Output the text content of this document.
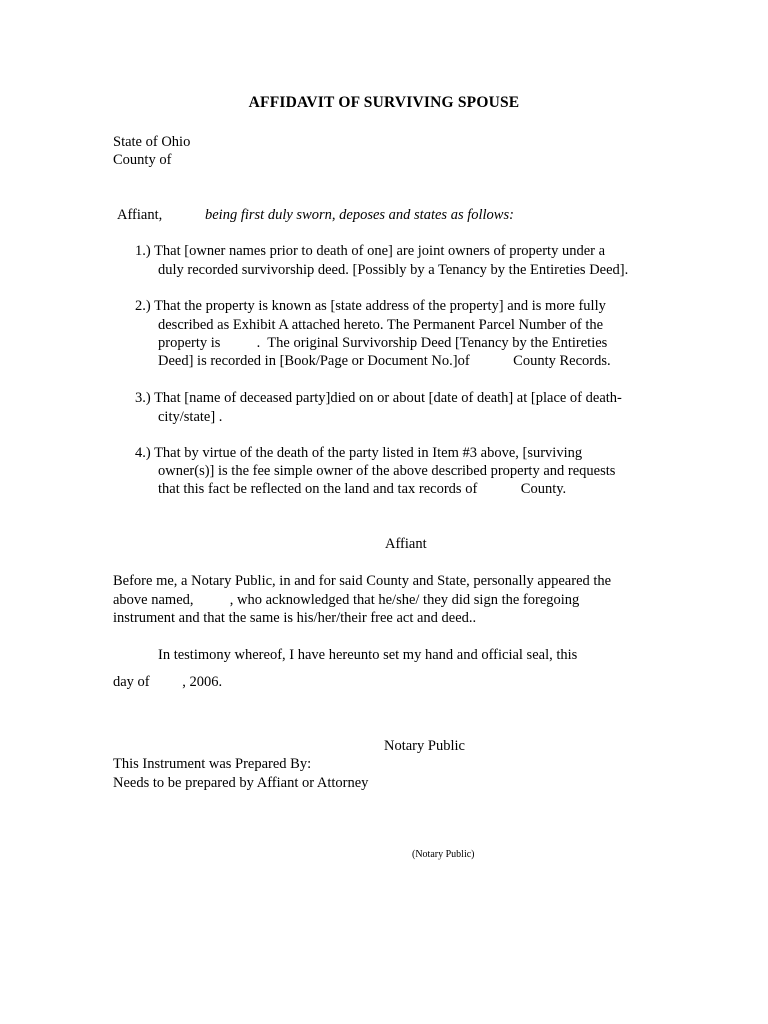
AFFIDAVIT OF SURVIVING SPOUSE
State of Ohio
County of
Affiant,	being first duly sworn, deposes and states as follows:
1.) That [owner names prior to death of one] are joint owners of property under a
duly recorded survivorship deed. [Possibly by a Tenancy by the Entireties Deed].
2.) That the property is known as [state address of the property] and is more fully
described as Exhibit A attached hereto. The Permanent Parcel Number of the
property is          .  The original Survivorship Deed [Tenancy by the Entireties
Deed] is recorded in [Book/Page or Document No.]of            County Records.
3.) That [name of deceased party]died on or about [date of death] at [place of death-
city/state] .
4.) That by virtue of the death of the party listed in Item #3 above, [surviving
owner(s)] is the fee simple owner of the above described property and requests
that this fact be reflected on the land and tax records of            County.
Affiant
Before me, a Notary Public, in and for said County and State, personally appeared the
above named,          , who acknowledged that he/she/ they did sign the foregoing
instrument and that the same is his/her/their free act and deed..
In testimony whereof, I have hereunto set my hand and official seal, this
day of         , 2006.
Notary Public
This Instrument was Prepared By:
Needs to be prepared by Affiant or Attorney
(Notary Public)
